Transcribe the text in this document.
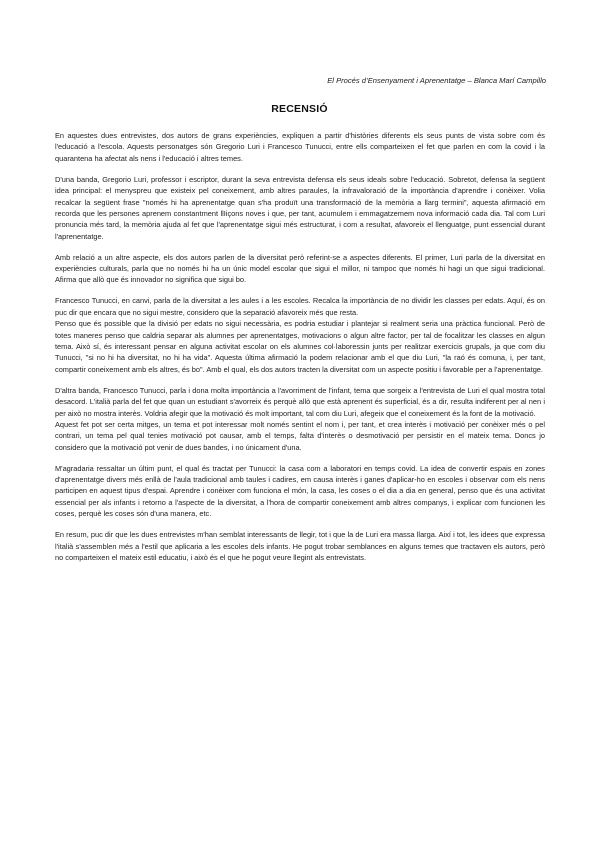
El Procés d’Ensenyament i Aprenentatge – Blanca Marí Campillo
RECENSIÓ

En aquestes dues entrevistes, dos autors de grans experiències, expliquen a partir d'històries diferents els seus punts de vista sobre com és l'educació a l'escola. Aquests personatges són Gregorio Luri i Francesco Tunucci, entre ells comparteixen el fet que parlen en com la covid i la quarantena ha afectat als nens i l'educació i altres temes.

D'una banda, Gregorio Luri, professor i escriptor, durant la seva entrevista defensa els seus ideals sobre l'educació. Sobretot, defensa la següent idea principal: el menyspreu que existeix pel coneixement, amb altres paraules, la infravaloració de la importància d'aprendre i conèixer. Volia recalcar la següent frase "només hi ha aprenentatge quan s'ha produït una transformació de la memòria a llarg termini", aquesta afirmació em recorda que les persones aprenem constantment llIiçons noves i que, per tant, acumulem i emmagatzemem nova informació cada dia. Tal com Luri pronuncia més tard, la memòria ajuda al fet que l'aprenentatge sigui més estructurat, i com a resultat, afavoreix el llenguatge, punt essencial durant l'aprenentatge.

Amb relació a un altre aspecte, els dos autors parlen de la diversitat però referint-se a aspectes diferents. El primer, Luri parla de la diversitat en experiències culturals, parla que no només hi ha un únic model escolar que sigui el millor, ni tampoc que només hi hagi un que sigui tradicional. Afirma que allò que és innovador no significa que sigui bo.

Francesco Tunucci, en canvi, parla de la diversitat a les aules i a les escoles. Recalca la importància de no dividir les classes per edats. Aquí, és on puc dir que encara que no sigui mestre, considero que la separació afavoreix més que resta.

Penso que és possible que la divisió per edats no sigui necessària, es podria estudiar i plantejar si realment seria una pràctica funcional. Però de totes maneres penso que caldria separar als alumnes per aprenentatges, motivacions o algun altre factor, per tal de focalitzar les classes en algun tema. Això sí, és interessant pensar en alguna activitat escolar on els alumnes col·laboressin junts per realitzar exercicis grupals, ja que com diu Tunucci, "si no hi ha diversitat, no hi ha vida". Aquesta última afirmació la podem relacionar amb el que diu Luri, "la raó és comuna, i, per tant, compartir coneixement amb els altres, és bo". Amb el qual, els dos autors tracten la diversitat com un aspecte positiu i favorable per a l'aprenentatge.

D'altra banda, Francesco Tunucci, parla i dona molta importància a l'avorriment de l'infant, tema que sorgeix a l'entrevista de Luri el qual mostra total desacord. L'italià parla del fet que quan un estudiant s'avorreix és perquè allò que està aprenent és superficial, és a dir, resulta indiferent per al nen i per això no mostra interès. Voldria afegir que la motivació és molt important, tal com diu Luri, afegeix que el coneixement és la font de la motivació.

Aquest fet pot ser certa mitges, un tema et pot interessar molt només sentint el nom i, per tant, et crea interès i motivació per conèixer més o pel contrari, un tema pel qual tenies motivació pot causar, amb el temps, falta d'interès o desmotivació per persistir en el mateix tema. Doncs jo considero que la motivació pot venir de dues bandes, i no únicament d'una.

M'agradaria ressaltar un últim punt, el qual és tractat per Tunucci: la casa com a laboratori en temps covid. La idea de convertir espais en zones d'aprenentatge divers més enllà de l'aula tradicional amb taules i cadires, em causa interès i ganes d'aplicar-ho en escoles i observar com els nens participen en aquest tipus d'espai. Aprendre i conèixer com funciona el món, la casa, les coses o el dia a dia en general, penso que és una activitat essencial per als infants i retorno a l'aspecte de la diversitat, a l'hora de compartir coneixement amb altres companys, i explicar com funcionen les coses, perquè les coses són d'una manera, etc.

En resum, puc dir que les dues entrevistes m'han semblat interessants de llegir, tot i que la de Luri era massa llarga. Així i tot, les idees que expressa l'italià s'assemblen més a l'estil que aplicaria a les escoles dels infants. He pogut trobar semblances en alguns temes que tractaven els autors, però no comparteixen el mateix estil educatiu, i això és el que he pogut veure llegint als entrevistats.
